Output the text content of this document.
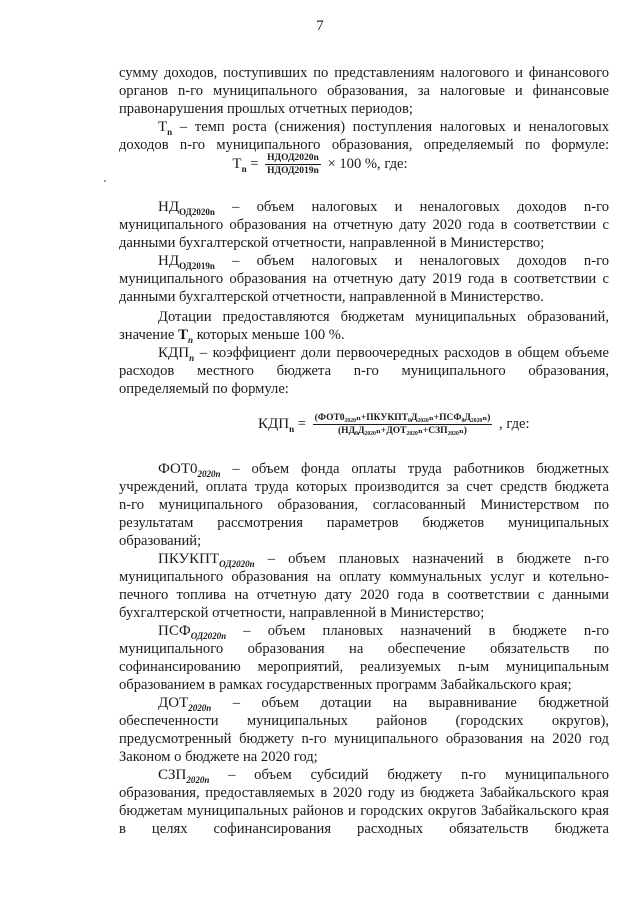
7
сумму доходов, поступивших по представлениям налогового и финансового
органов n-го муниципального образования, за налоговые и финансовые
правонарушения прошлых отчетных периодов;
$T_n$ – темп роста (снижения) поступления налоговых и неналоговых
доходов n-го муниципального образования, определяемый по формуле:
$T_n = \frac{\text{НДОД2020n}}{\text{НДОД2019n}} \times 100$ %, где:
$НД_{ОД2020n}$ – объем налоговых и неналоговых доходов n-го
муниципального образования на отчетную дату 2020 года в соответствии с
данными бухгалтерской отчетности, направленной в Министерство;
$НД_{ОД2019n}$ – объем налоговых и неналоговых доходов n-го
муниципального образования на отчетную дату 2019 года в соответствии с
данными бухгалтерской отчетности, направленной в Министерство.
Дотации предоставляются бюджетам муниципальных образований,
значение $T_n$ которых меньше 100 %.
$КДП_n$ – коэффициент доли первоочередных расходов в общем объеме
расходов местного бюджета n-го муниципального образования,
определяемый по формуле:
$КДП_n = \frac{\text{(ФОТ0₂₀₂₀ₙ+ПКУКПТ₀Д₂₀₂₀ₙ+ПСФ₀Д₂₀₂₀ₙ)}}{\text{(НД₀Д₂₀₂₀ₙ+ДОТ₂₀₂₀ₙ+СЗП₂₀₂₀ₙ)}}$ , где:
$ФОТ0_{2020n}$ – объем фонда оплаты труда работников бюджетных
учреждений, оплата труда которых производится за счет средств бюджета
n-го муниципального образования, согласованный Министерством по
результатам рассмотрения параметров бюджетов муниципальных
образований;
$ПКУКПТ_{ОД2020n}$ – объем плановых назначений в бюджете n-го
муниципального образования на оплату коммунальных услуг и котельно-
печного топлива на отчетную дату 2020 года в соответствии с данными
бухгалтерской отчетности, направленной в Министерство;
$ПСФ_{ОД2020n}$ – объем плановых назначений в бюджете n-го
муниципального образования на обеспечение обязательств по
софинансированию мероприятий, реализуемых n-ым муниципальным
образованием в рамках государственных программ Забайкальского края;
$ДОТ_{2020n}$ – объем дотации на выравнивание бюджетной
обеспеченности муниципальных районов (городских округов),
предусмотренный бюджету n-го муниципального образования на 2020 год
Законом о бюджете на 2020 год;
$СЗП_{2020n}$ – объем субсидий бюджету n-го муниципального
образования, предоставляемых в 2020 году из бюджета Забайкальского края
бюджетам муниципальных районов и городских округов Забайкальского края
в целях софинансирования расходных обязательств бюджета
